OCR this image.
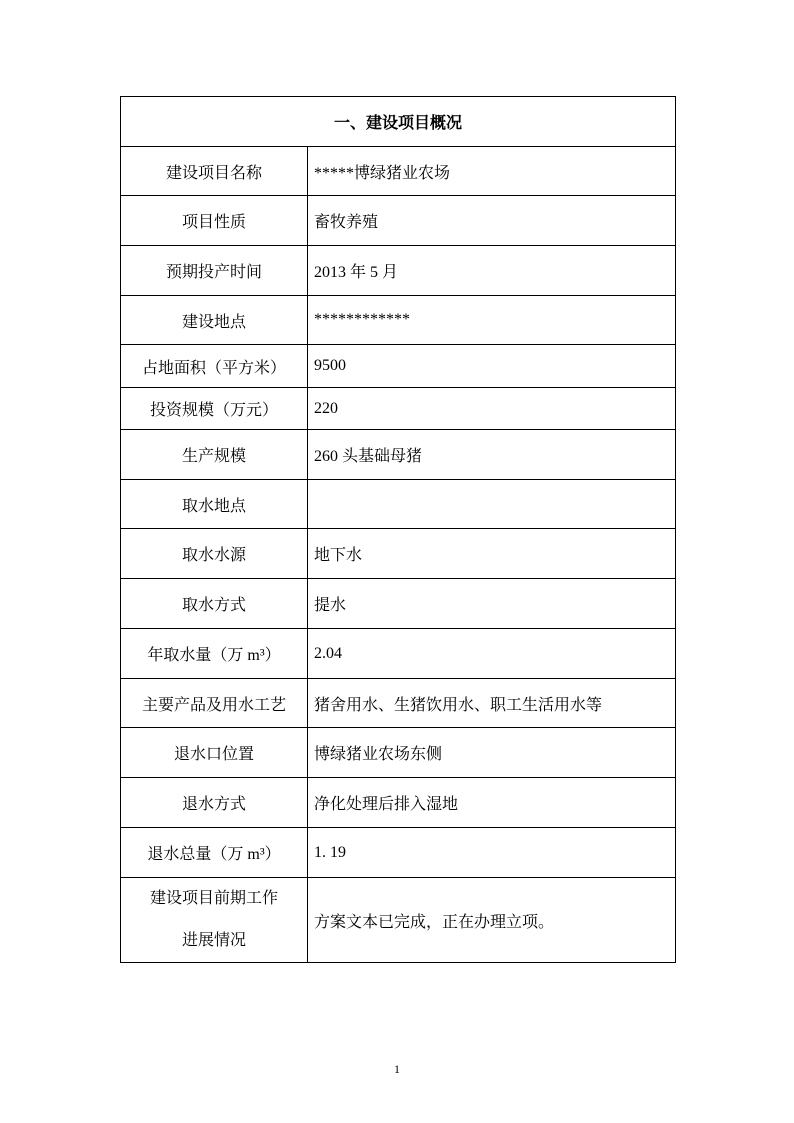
一、建设项目概况	
建设项目名称	*****博绿猪业农场
项目性质	畜牧养殖
预期投产时间	2013 年 5 月
建设地点	************
占地面积（平方米）	9500
投资规模（万元）	220
生产规模	260 头基础母猪
取水地点	
取水水源	地下水
取水方式	提水
年取水量（万 m³）	2.04
主要产品及用水工艺	猪舍用水、生猪饮用水、职工生活用水等
退水口位置	博绿猪业农场东侧
退水方式	净化处理后排入湿地
退水总量（万 m³）	1. 19

建设项目前期工作
进展情况	方案文本已完成，正在办理立项。
1
